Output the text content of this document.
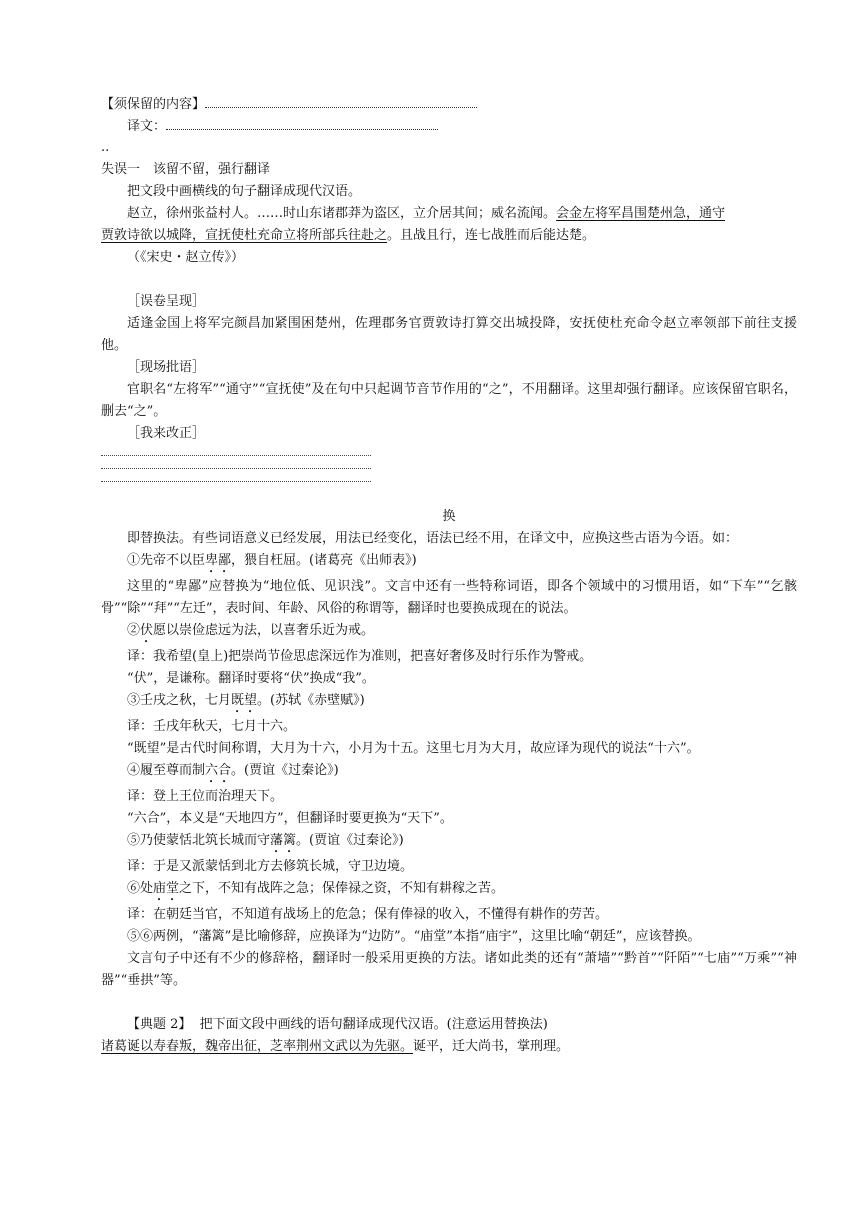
【须保留的内容】
译文：
..
失误一　该留不留，强行翻译
把文段中画横线的句子翻译成现代汉语。
赵立，徐州张益村人。……时山东诸郡莽为盗区，立介居其间；威名流闻。会金左将军昌围楚州急，通守
贾敦诗欲以城降，宣抚使杜充命立将所部兵往赴之。且战且行，连七战胜而后能达楚。
（《宋史・赵立传》）
［误卷呈现］
适逢金国上将军完颜昌加紧围困楚州，佐理郡务官贾敦诗打算交出城投降，安抚使杜充命令赵立率领部下前往支援他。
［现场批语］
官职名“左将军”“通守”“宣抚使”及在句中只起调节音节作用的“之”，不用翻译。这里却强行翻译。应该保留官职名，删去“之”。
［我来改正］
换
即替换法。有些词语意义已经发展，用法已经变化，语法已经不用，在译文中，应换这些古语为今语。如：
①先帝不以臣卑鄙，猥自枉屈。(诸葛亮《出师表》)
这里的“卑鄙”应替换为“地位低、见识浅”。文言中还有一些特称词语，即各个领域中的习惯用语，如“下车”“乞骸骨”“除”“拜”“左迁”，表时间、年龄、风俗的称谓等，翻译时也要换成现在的说法。
②伏愿以崇俭虑远为法，以喜奢乐近为戒。
译：我希望(皇上)把崇尚节俭思虑深远作为准则，把喜好奢侈及时行乐作为警戒。
“伏”，是谦称。翻译时要将“伏”换成“我”。
③壬戌之秋，七月既望。(苏轼《赤壁赋》)
译：壬戌年秋天，七月十六。
“既望”是古代时间称谓，大月为十六，小月为十五。这里七月为大月，故应译为现代的说法“十六”。
④履至尊而制六合。(贾谊《过秦论》)
译：登上王位而治理天下。
“六合”，本义是“天地四方”，但翻译时要更换为“天下”。
⑤乃使蒙恬北筑长城而守藩篱。(贾谊《过秦论》)
译：于是又派蒙恬到北方去修筑长城，守卫边境。
⑥处庙堂之下，不知有战阵之急；保俸禄之资，不知有耕稼之苦。
译：在朝廷当官，不知道有战场上的危急；保有俸禄的收入，不懂得有耕作的劳苦。
⑤⑥两例，“藩篱”是比喻修辞，应换译为“边防”。“庙堂”本指“庙宇”，这里比喻“朝廷”，应该替换。
文言句子中还有不少的修辞格，翻译时一般采用更换的方法。诸如此类的还有“萧墙”“黔首”“阡陌”“七庙”“万乘”“神器”“垂拱”等。
【典题 2】 把下面文段中画线的语句翻译成现代汉语。(注意运用替换法)
诸葛诞以寿春叛，魏帝出征，芝率荆州文武以为先驱。诞平，迁大尚书，掌刑理。
